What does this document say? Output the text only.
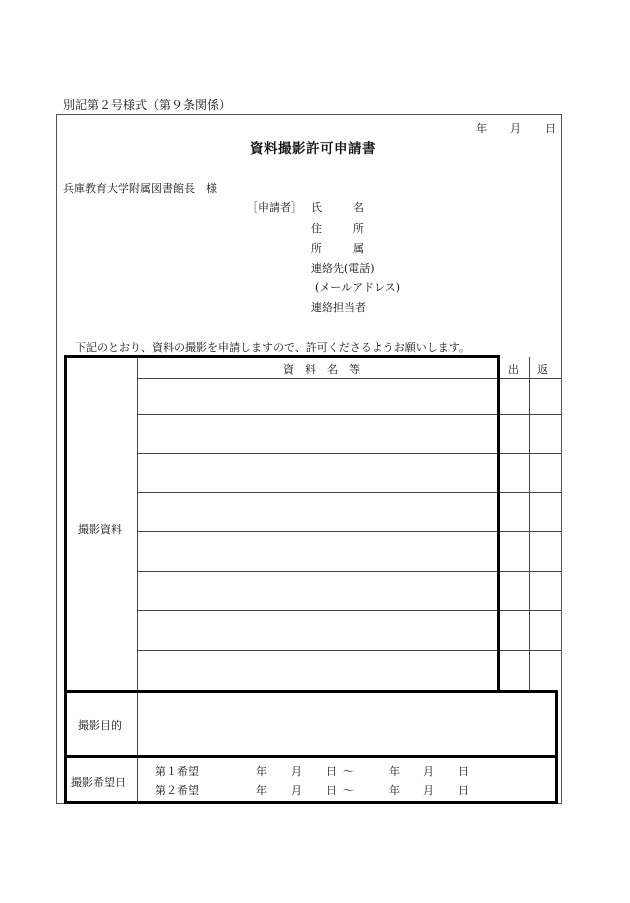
別記第２号様式（第９条関係）
年 月 日
資料撮影許可申請書
兵庫教育大学附属図書館長　様
［申請者］ 氏	名
住	所
所	属
連絡先(電話)
(メールアドレス)
連絡担当者
下記のとおり、資料の撮影を申請しますので、許可くださるようお願いします。
資　料　名　等	出 返
撮影資料
撮影目的
撮影希望日
第１希望	年 月 日 ～	年 月 日
第２希望	年 月 日 ～	年 月 日
